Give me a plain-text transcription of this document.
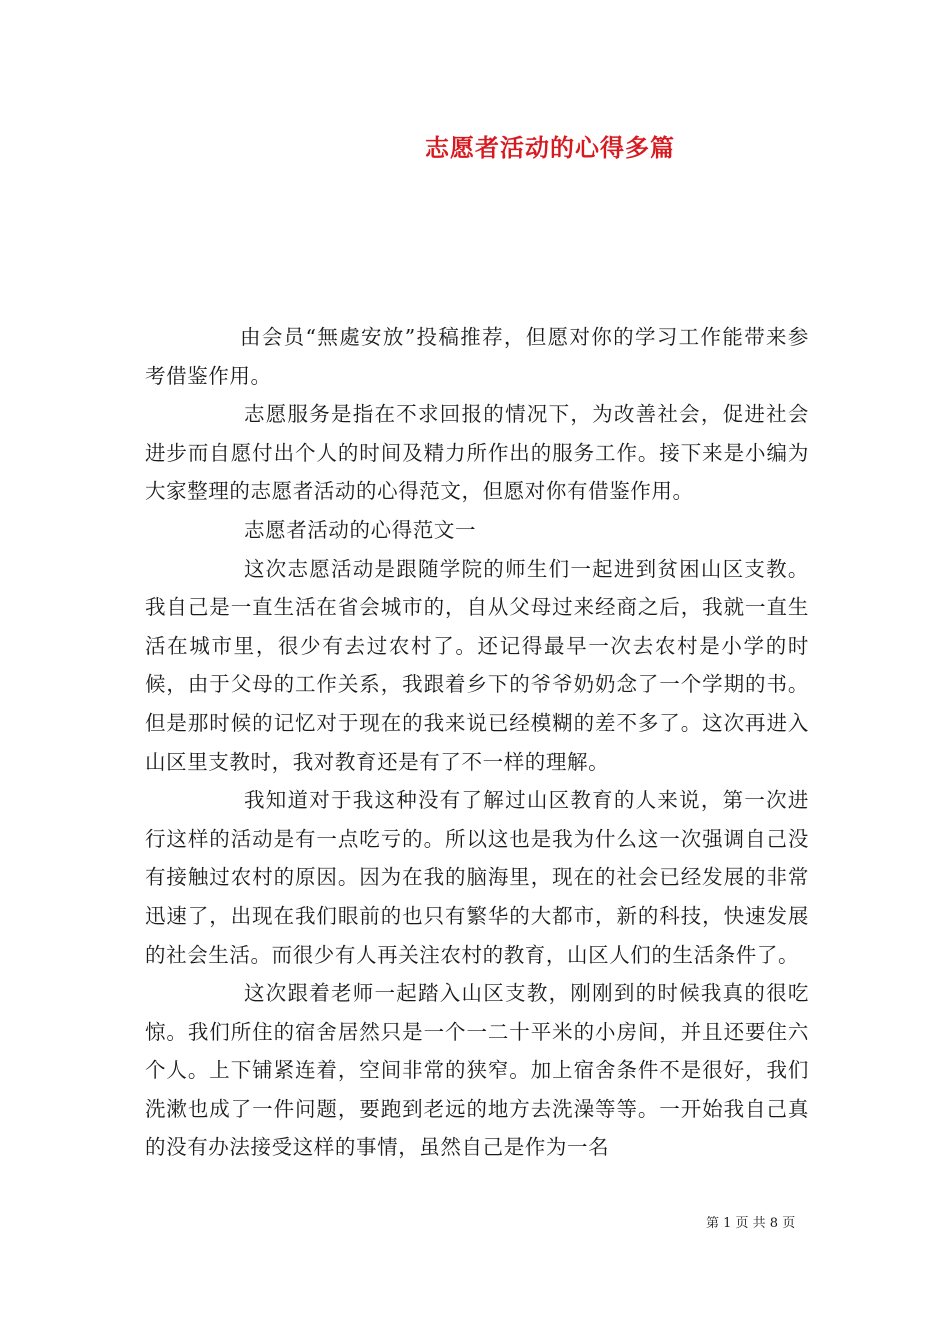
志愿者活动的心得多篇

由会员“無處安放”投稿推荐，但愿对你的学习工作能带来参考借鉴作用。

志愿服务是指在不求回报的情况下，为改善社会，促进社会进步而自愿付出个人的时间及精力所作出的服务工作。接下来是小编为大家整理的志愿者活动的心得范文，但愿对你有借鉴作用。

志愿者活动的心得范文一

这次志愿活动是跟随学院的师生们一起进到贫困山区支教。我自己是一直生活在省会城市的，自从父母过来经商之后，我就一直生活在城市里，很少有去过农村了。还记得最早一次去农村是小学的时候，由于父母的工作关系，我跟着乡下的爷爷奶奶念了一个学期的书。但是那时候的记忆对于现在的我来说已经模糊的差不多了。这次再进入山区里支教时，我对教育还是有了不一样的理解。

我知道对于我这种没有了解过山区教育的人来说，第一次进行这样的活动是有一点吃亏的。所以这也是我为什么这一次强调自己没有接触过农村的原因。因为在我的脑海里，现在的社会已经发展的非常迅速了，出现在我们眼前的也只有繁华的大都市，新的科技，快速发展的社会生活。而很少有人再关注农村的教育，山区人们的生活条件了。

这次跟着老师一起踏入山区支教，刚刚到的时候我真的很吃惊。我们所住的宿舍居然只是一个一二十平米的小房间，并且还要住六个人。上下铺紧连着，空间非常的狭窄。加上宿舍条件不是很好，我们洗漱也成了一件问题，要跑到老远的地方去洗澡等等。一开始我自己真的没有办法接受这样的事情，虽然自己是作为一名

第 1 页 共 8 页
